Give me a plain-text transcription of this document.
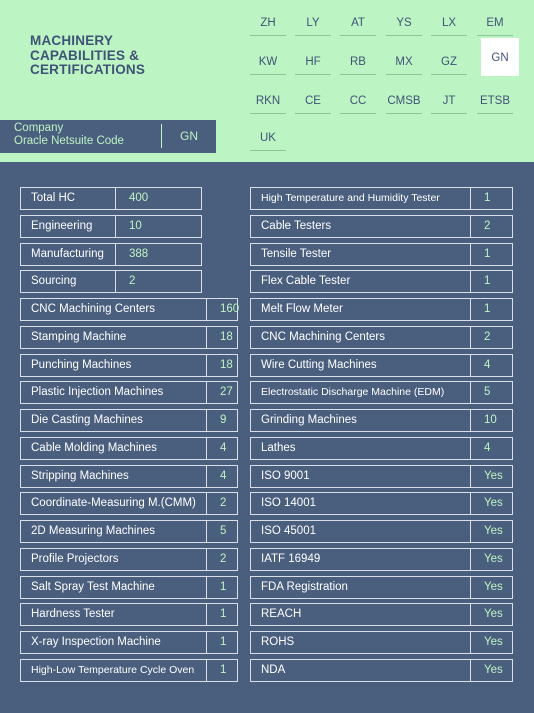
MACHINERY
CAPABILITIES &
CERTIFICATIONS
Company
Oracle Netsuite Code	GN
ZH	LY	AT	YS	LX	EM
KW	HF	RB	MX	GZ	GN
RKN	CE	CC	CMSB	JT	ETSB
UK
Total HC	400
Engineering	10
Manufacturing	388
Sourcing	2
CNC Machining Centers	160
Stamping Machine	18
Punching Machines	18
Plastic Injection Machines	27
Die Casting Machines	9
Cable Molding Machines	4
Stripping Machines	4
Coordinate-Measuring M.(CMM)	2
2D Measuring Machines	5
Profile Projectors	2
Salt Spray Test Machine	1
Hardness Tester	1
X-ray Inspection Machine	1
High-Low Temperature Cycle Oven	1
High Temperature and Humidity Tester	1
Cable Testers	2
Tensile Tester	1
Flex Cable Tester	1
Melt Flow Meter	1
CNC Machining Centers	2
Wire Cutting Machines	4
Electrostatic Discharge Machine (EDM)	5
Grinding Machines	10
Lathes	4
ISO 9001	Yes
ISO 14001	Yes
ISO 45001	Yes
IATF 16949	Yes
FDA Registration	Yes
REACH	Yes
ROHS	Yes
NDA	Yes
